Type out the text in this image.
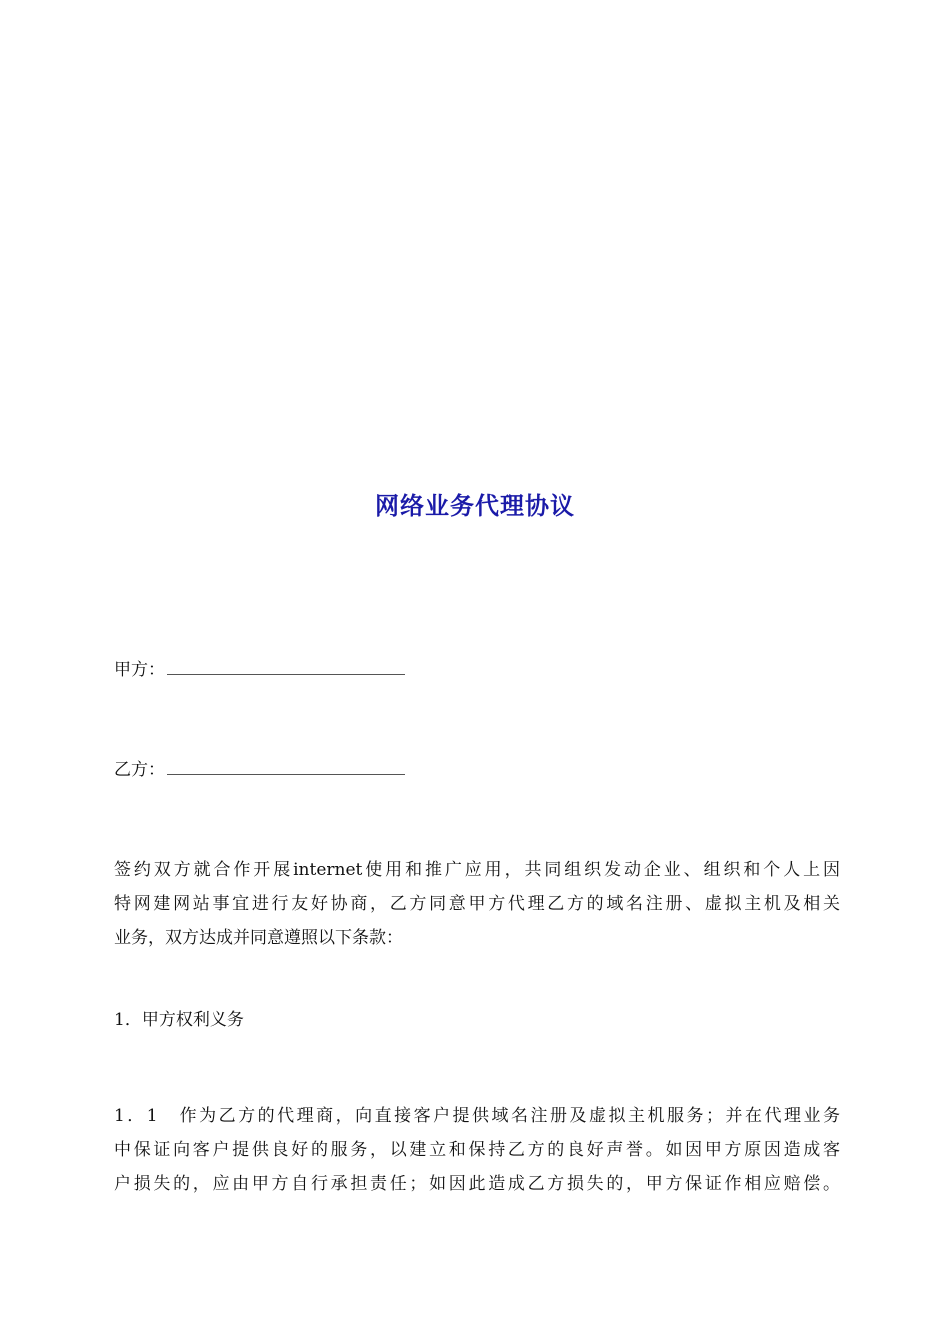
网络业务代理协议
甲方：
乙方：
签约双方就合作开展internet使用和推广应用，共同组织发动企业、组织和个人上因
特网建网站事宜进行友好协商，乙方同意甲方代理乙方的域名注册、虚拟主机及相关
业务，双方达成并同意遵照以下条款：
1．甲方权利义务
1．1　作为乙方的代理商，向直接客户提供域名注册及虚拟主机服务；并在代理业务
中保证向客户提供良好的服务，以建立和保持乙方的良好声誉。如因甲方原因造成客
户损失的，应由甲方自行承担责任；如因此造成乙方损失的，甲方保证作相应赔偿。
